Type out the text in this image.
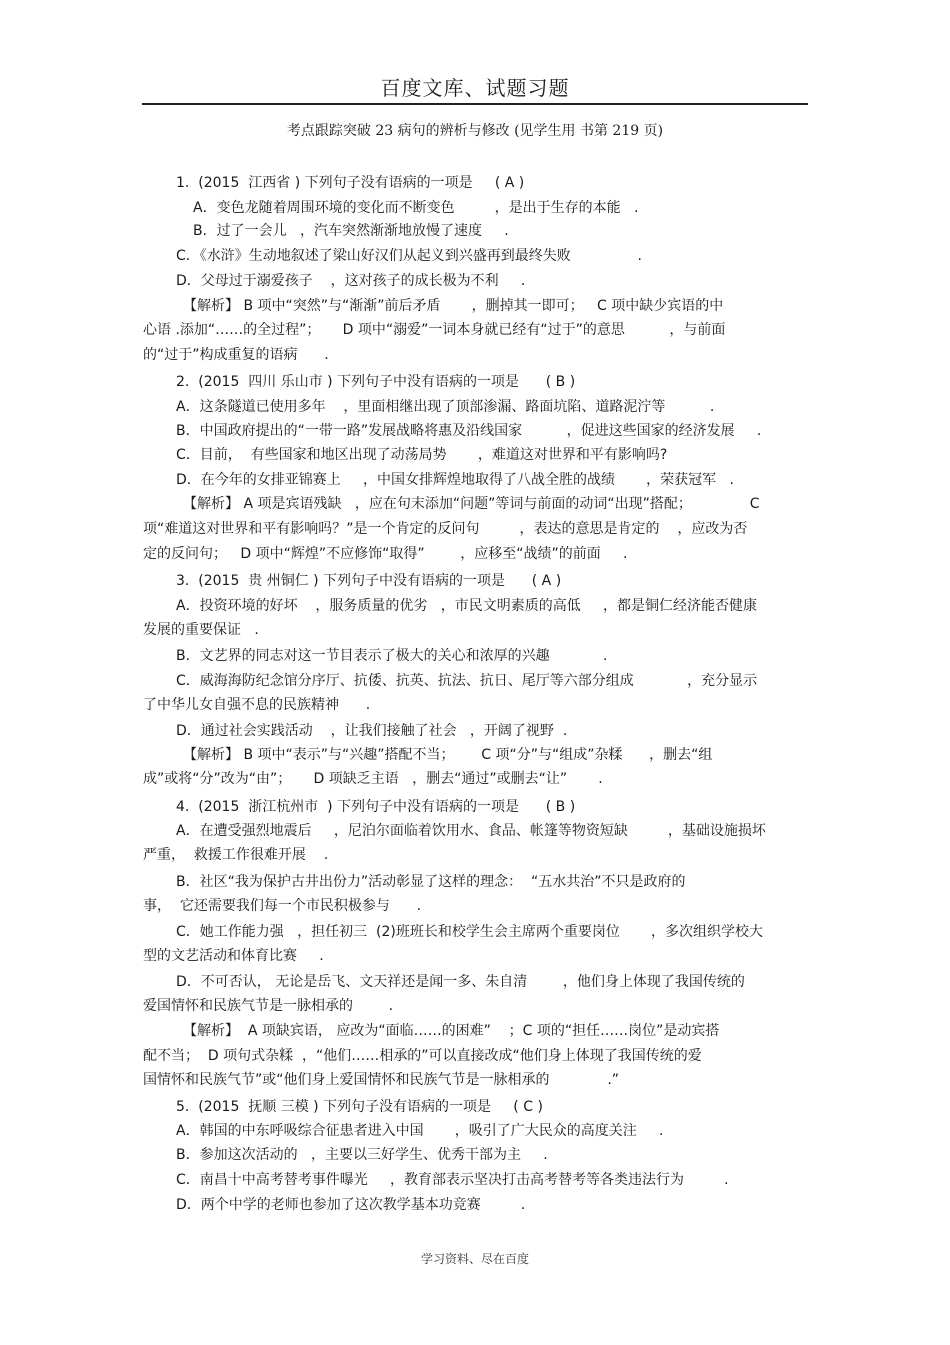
百度文库、试题习题
考点跟踪突破 23 病句的辨析与修改 (见学生用 书第 219 页)
1.  (2015  江西省 ) 下列句子没有语病的一项是     ( A )
A．变色龙随着周围环境的变化而不断变色         ，是出于生存的本能   .
B．过了一会儿   ，汽车突然渐渐地放慢了速度     .
C．《水浒》生动地叙述了梁山好汉们从起义到兴盛再到最终失败               .
D．父母过于溺爱孩子    ，这对孩子的成长极为不利     .
【解析】 B 项中“突然”与“渐渐”前后矛盾       ，删掉其一即可；   C 项中缺少宾语的中
心语 .添加“……的全过程”；     D 项中“溺爱”一词本身就已经有“过于”的意思          ，与前面
的“过于”构成重复的语病      .
2.  (2015  四川 乐山市 ) 下列句子中没有语病的一项是      ( B )
A．这条隧道已使用多年    ，里面相继出现了顶部渗漏、路面坑陷、道路泥泞等          .
B．中国政府提出的“一带一路”发展战略将惠及沿线国家          ，促进这些国家的经济发展     .
C．目前，  有些国家和地区出现了动荡局势       ，难道这对世界和平有影响吗?
D．在今年的女排亚锦赛上     ，中国女排辉煌地取得了八战全胜的战绩       ，荣获冠军   .
【解析】 A 项是宾语残缺   ，应在句末添加“问题”等词与前面的动词“出现”搭配；             C
项“难道这对世界和平有影响吗？”是一个肯定的反问句         ，表达的意思是肯定的    ，应改为否
定的反问句；   D 项中“辉煌”不应修饰“取得”        ，应移至“战绩”的前面     .
3.  (2015  贵 州铜仁 ) 下列句子中没有语病的一项是      ( A )
A．投资环境的好坏    ，服务质量的优劣   ，市民文明素质的高低     ，都是铜仁经济能否健康
发展的重要保证   .
B．文艺界的同志对这一节目表示了极大的关心和浓厚的兴趣            .
C．威海海防纪念馆分序厅、抗倭、抗英、抗法、抗日、尾厅等六部分组成            ，充分显示
了中华儿女自强不息的民族精神      .
D．通过社会实践活动    ，让我们接触了社会   ，开阔了视野  .
【解析】 B 项中“表示”与“兴趣”搭配不当；      C 项“分”与“组成”杂糅      ，删去“组
成”或将“分”改为“由”；     D 项缺乏主语   ，删去“通过”或删去“让”       .
4.  (2015  浙江杭州市  ) 下列句子中没有语病的一项是      ( B )
A．在遭受强烈地震后     ，尼泊尔面临着饮用水、食品、帐篷等物资短缺         ，基础设施损坏
严重，  救援工作很难开展    .
B．社区“我为保护古井出份力”活动彰显了这样的理念：  “五水共治”不只是政府的
事，  它还需要我们每一个市民积极参与      .
C．她工作能力强   ，担任初三  (2)班班长和校学生会主席两个重要岗位       ，多次组织学校大
型的文艺活动和体育比赛     .
D．不可否认， 无论是岳飞、文天祥还是闻一多、朱自清        ，他们身上体现了我国传统的
爱国情怀和民族气节是一脉相承的        .
【解析】  A 项缺宾语， 应改为“面临……的困难”    ；C 项的“担任……岗位”是动宾搭
配不当；  D 项句式杂糅  ，“他们……相承的”可以直接改成“他们身上体现了我国传统的爱
国情怀和民族气节”或“他们身上爱国情怀和民族气节是一脉相承的             .”
5.  (2015  抚顺 三模 ) 下列句子没有语病的一项是     ( C )
A．韩国的中东呼吸综合征患者进入中国       ，吸引了广大民众的高度关注     .
B．参加这次活动的   ，主要以三好学生、优秀干部为主     .
C．南昌十中高考替考事件曝光     ，教育部表示坚决打击高考替考等各类违法行为         .
D．两个中学的老师也参加了这次教学基本功竞赛         .
学习资料、尽在百度
